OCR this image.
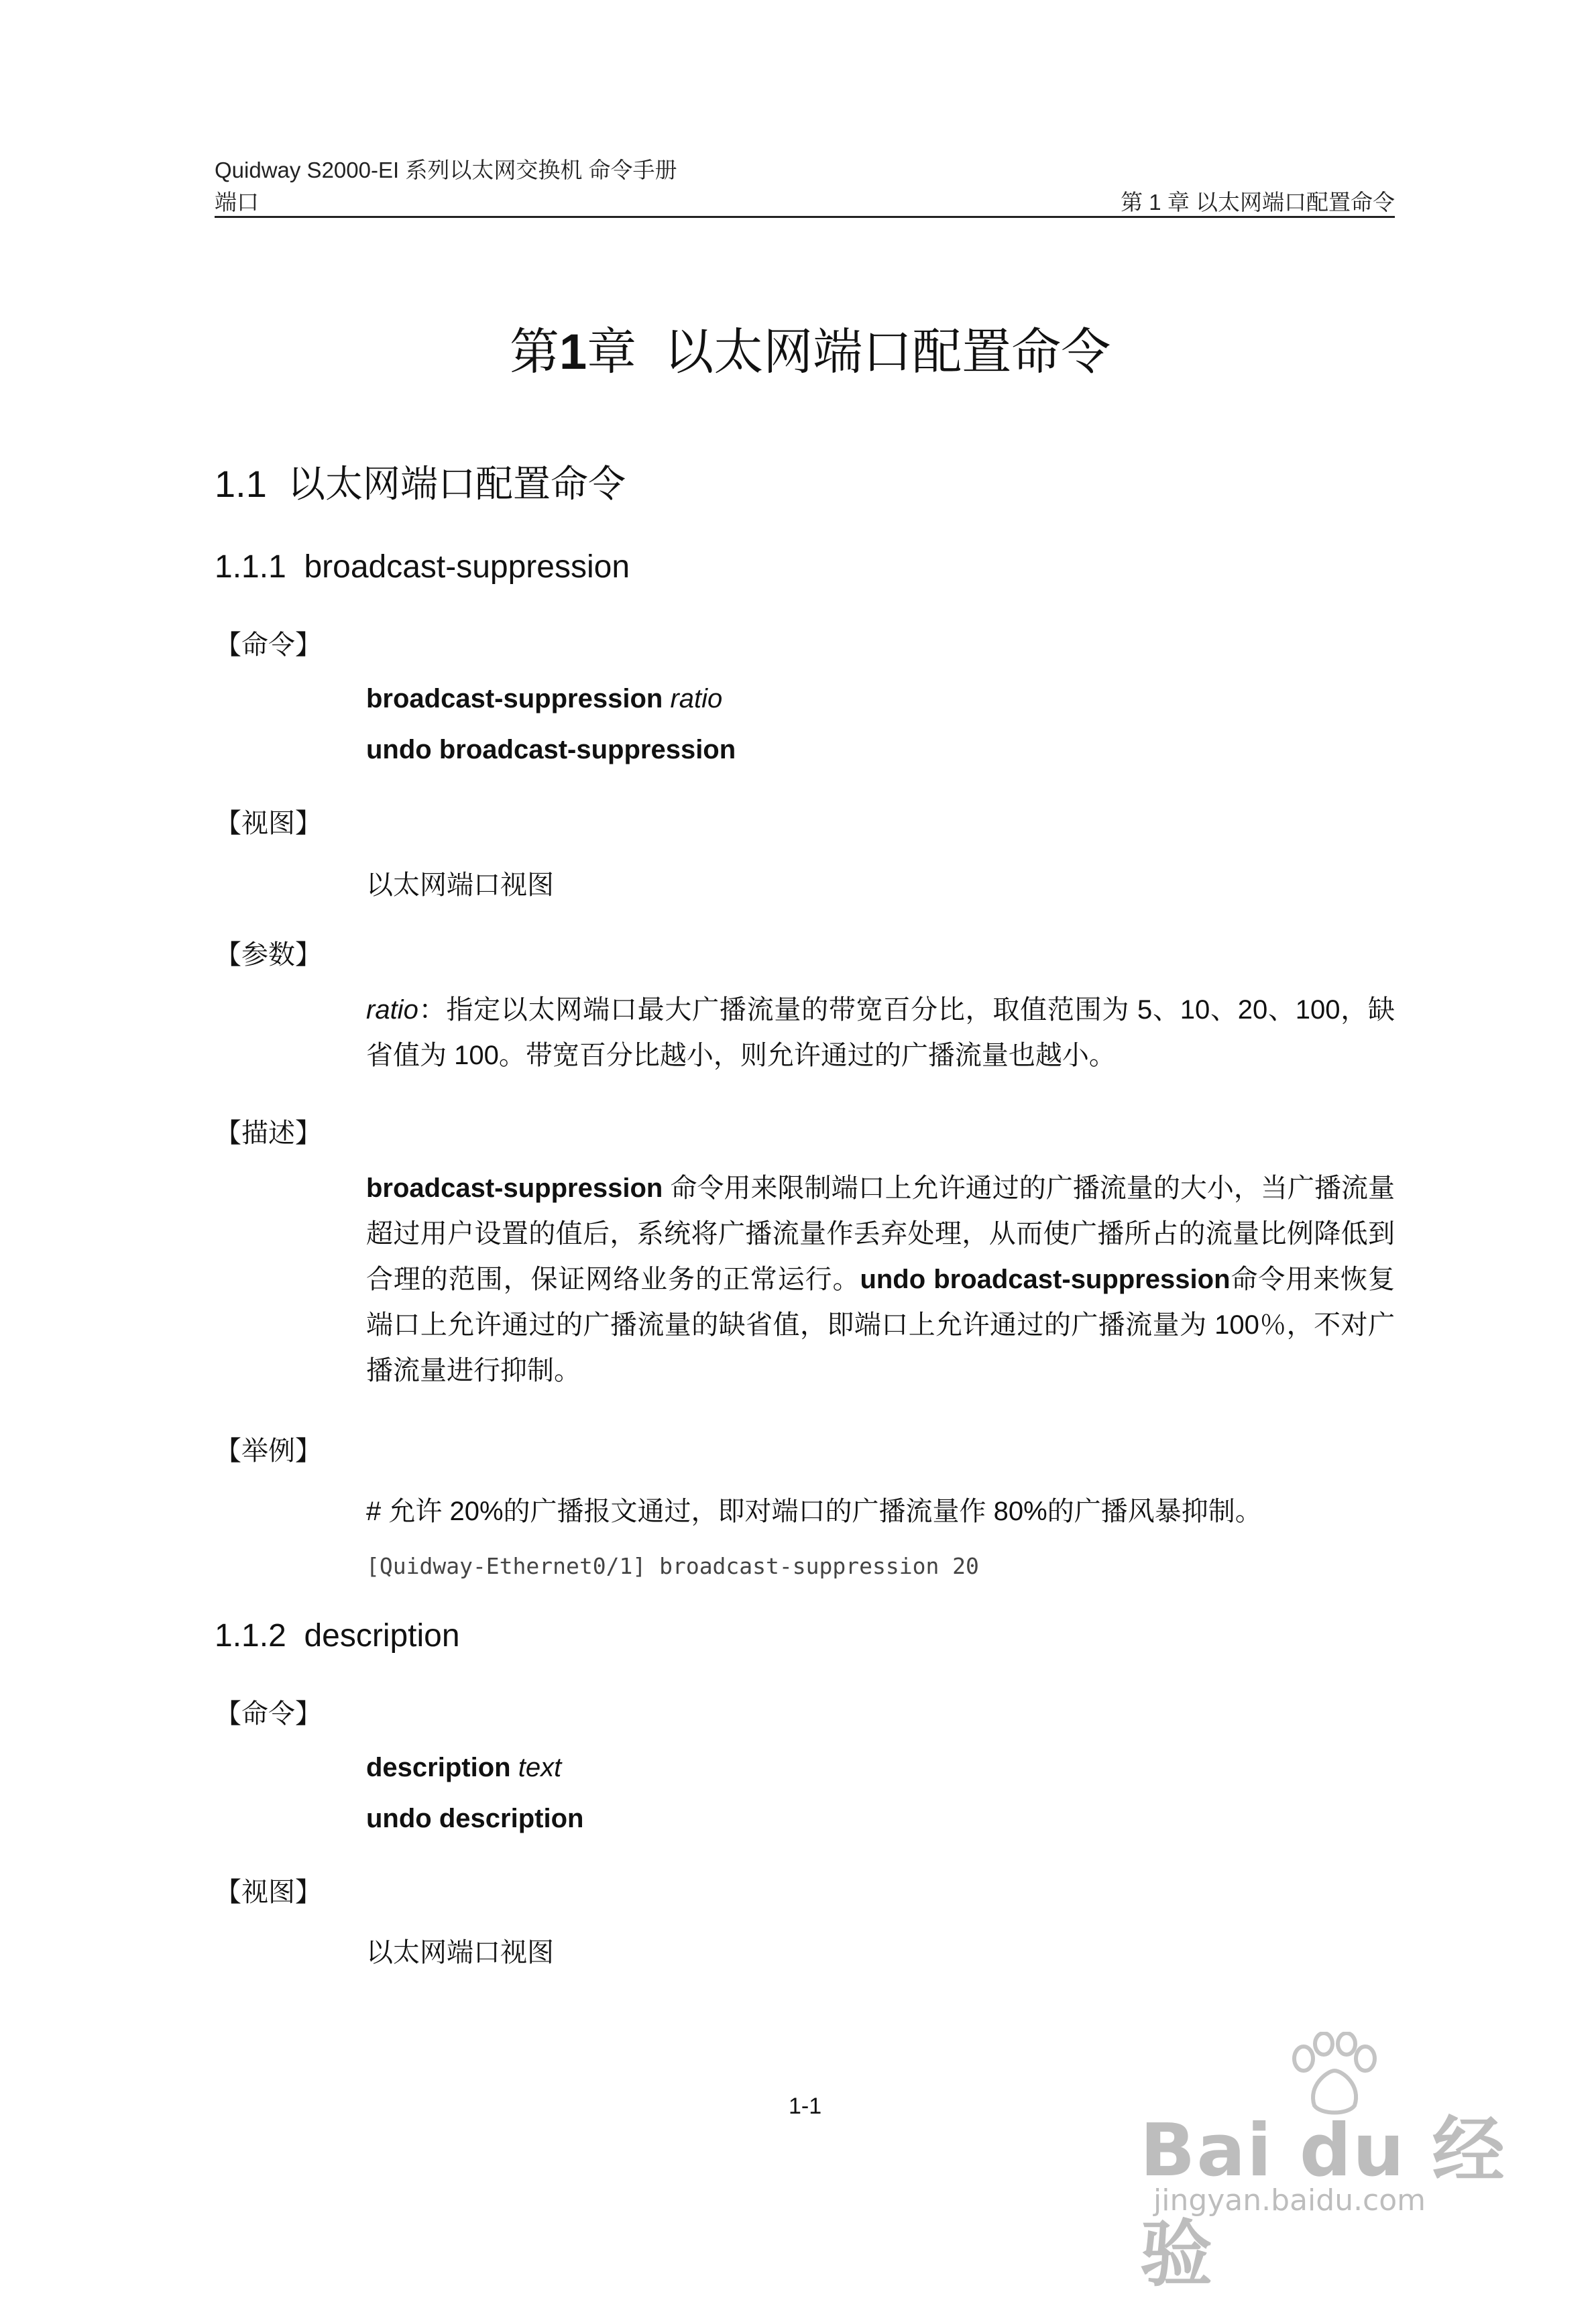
Quidway S2000-EI 系列以太网交换机 命令手册
端口	第 1 章 以太网端口配置命令
第1章 以太网端口配置命令
1.1 以太网端口配置命令
1.1.1 broadcast-suppression
【命令】
broadcast-suppression ratio
undo broadcast-suppression
【视图】
以太网端口视图
【参数】
ratio：指定以太网端口最大广播流量的带宽百分比，取值范围为 5、10、20、100，缺省值为 100。带宽百分比越小，则允许通过的广播流量也越小。
【描述】
broadcast-suppression 命令用来限制端口上允许通过的广播流量的大小，当广播流量超过用户设置的值后，系统将广播流量作丢弃处理，从而使广播所占的流量比例降低到合理的范围，保证网络业务的正常运行。undo broadcast-suppression命令用来恢复端口上允许通过的广播流量的缺省值，即端口上允许通过的广播流量为 100％，不对广播流量进行抑制。
【举例】
# 允许 20%的广播报文通过，即对端口的广播流量作 80%的广播风暴抑制。
[Quidway-Ethernet0/1] broadcast-suppression 20
1.1.2 description
【命令】
description text
undo description
【视图】
以太网端口视图
1-1
Bai du 经验
jingyan.baidu.com
